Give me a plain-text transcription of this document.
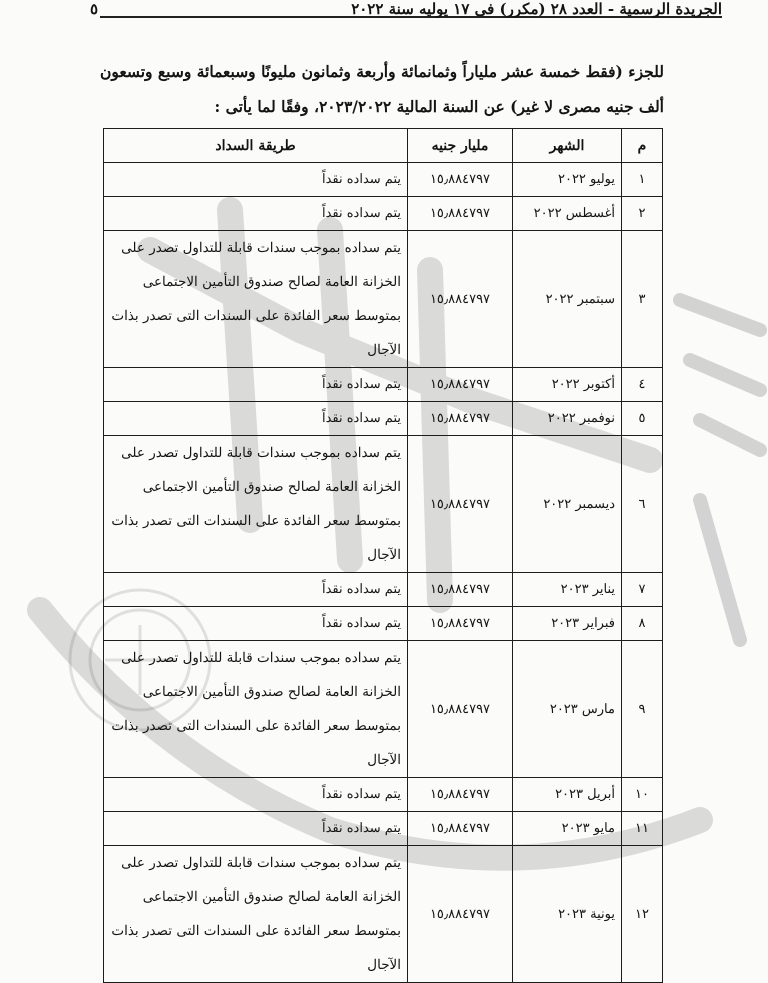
الجريدة الرسمية - العدد ٢٨ (مكرر) فى ١٧ يوليه سنة ٢٠٢٢
٥
للجزء (فقط خمسة عشر ملياراً وثمانمائة وأربعة وثمانون مليونًا وسبعمائة وسبع وتسعون
ألف جنيه مصرى لا غير) عن السنة المالية ٢٠٢٣/٢٠٢٢، وفقًا لما يأتى :
م	الشهر	مليار جنيه	طريقة السداد
١	يوليو ٢٠٢٢	١٥٫٨٨٤٧٩٧	يتم سداده نقداً
٢	أغسطس ٢٠٢٢	١٥٫٨٨٤٧٩٧	يتم سداده نقداً
٣	سبتمبر ٢٠٢٢	١٥٫٨٨٤٧٩٧	يتم سداده بموجب سندات قابلة للتداول تصدر على الخزانة العامة لصالح صندوق التأمين الاجتماعى بمتوسط سعر الفائدة على السندات التى تصدر بذات الآجال
٤	أكتوبر ٢٠٢٢	١٥٫٨٨٤٧٩٧	يتم سداده نقداً
٥	نوفمبر ٢٠٢٢	١٥٫٨٨٤٧٩٧	يتم سداده نقداً
٦	ديسمبر ٢٠٢٢	١٥٫٨٨٤٧٩٧	يتم سداده بموجب سندات قابلة للتداول تصدر على الخزانة العامة لصالح صندوق التأمين الاجتماعى بمتوسط سعر الفائدة على السندات التى تصدر بذات الآجال
٧	يناير ٢٠٢٣	١٥٫٨٨٤٧٩٧	يتم سداده نقداً
٨	فبراير ٢٠٢٣	١٥٫٨٨٤٧٩٧	يتم سداده نقداً
٩	مارس ٢٠٢٣	١٥٫٨٨٤٧٩٧	يتم سداده بموجب سندات قابلة للتداول تصدر على الخزانة العامة لصالح صندوق التأمين الاجتماعى بمتوسط سعر الفائدة على السندات التى تصدر بذات الآجال
١٠	أبريل ٢٠٢٣	١٥٫٨٨٤٧٩٧	يتم سداده نقداً
١١	مايو ٢٠٢٣	١٥٫٨٨٤٧٩٧	يتم سداده نقداً
١٢	يونية ٢٠٢٣	١٥٫٨٨٤٧٩٧	يتم سداده بموجب سندات قابلة للتداول تصدر على الخزانة العامة لصالح صندوق التأمين الاجتماعى بمتوسط سعر الفائدة على السندات التى تصدر بذات الآجال
